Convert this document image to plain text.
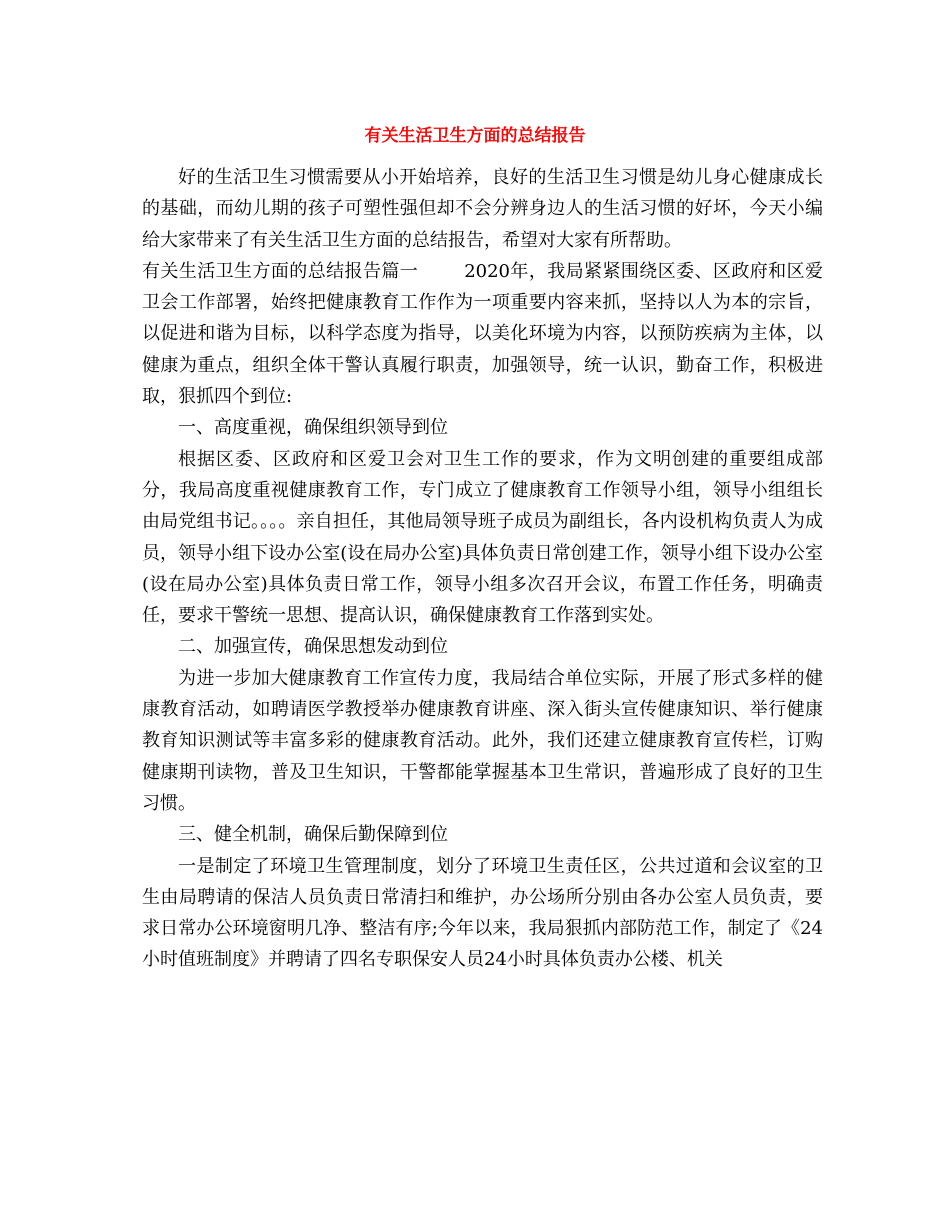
有关生活卫生方面的总结报告

好的生活卫生习惯需要从小开始培养，良好的生活卫生习惯是幼儿身心健康成长的基础，而幼儿期的孩子可塑性强但却不会分辨身边人的生活习惯的好坏，今天小编给大家带来了有关生活卫生方面的总结报告，希望对大家有所帮助。

有关生活卫生方面的总结报告篇一	2020年，我局紧紧围绕区委、区政府和区爱卫会工作部署，始终把健康教育工作作为一项重要内容来抓，坚持以人为本的宗旨，以促进和谐为目标，以科学态度为指导，以美化环境为内容，以预防疾病为主体，以健康为重点，组织全体干警认真履行职责，加强领导，统一认识，勤奋工作，积极进取，狠抓四个到位:

一、高度重视，确保组织领导到位

根据区委、区政府和区爱卫会对卫生工作的要求，作为文明创建的重要组成部分，我局高度重视健康教育工作，专门成立了健康教育工作领导小组，领导小组组长由局党组书记。。。。亲自担任，其他局领导班子成员为副组长，各内设机构负责人为成员，领导小组下设办公室(设在局办公室)具体负责日常创建工作，领导小组下设办公室(设在局办公室)具体负责日常工作，领导小组多次召开会议，布置工作任务，明确责任，要求干警统一思想、提高认识，确保健康教育工作落到实处。

二、加强宣传，确保思想发动到位

为进一步加大健康教育工作宣传力度，我局结合单位实际，开展了形式多样的健康教育活动，如聘请医学教授举办健康教育讲座、深入街头宣传健康知识、举行健康教育知识测试等丰富多彩的健康教育活动。此外，我们还建立健康教育宣传栏，订购健康期刊读物，普及卫生知识，干警都能掌握基本卫生常识，普遍形成了良好的卫生习惯。

三、健全机制，确保后勤保障到位

一是制定了环境卫生管理制度，划分了环境卫生责任区，公共过道和会议室的卫生由局聘请的保洁人员负责日常清扫和维护，办公场所分别由各办公室人员负责，要求日常办公环境窗明几净、整洁有序;今年以来，我局狠抓内部防范工作，制定了《24小时值班制度》并聘请了四名专职保安人员24小时具体负责办公楼、机关
